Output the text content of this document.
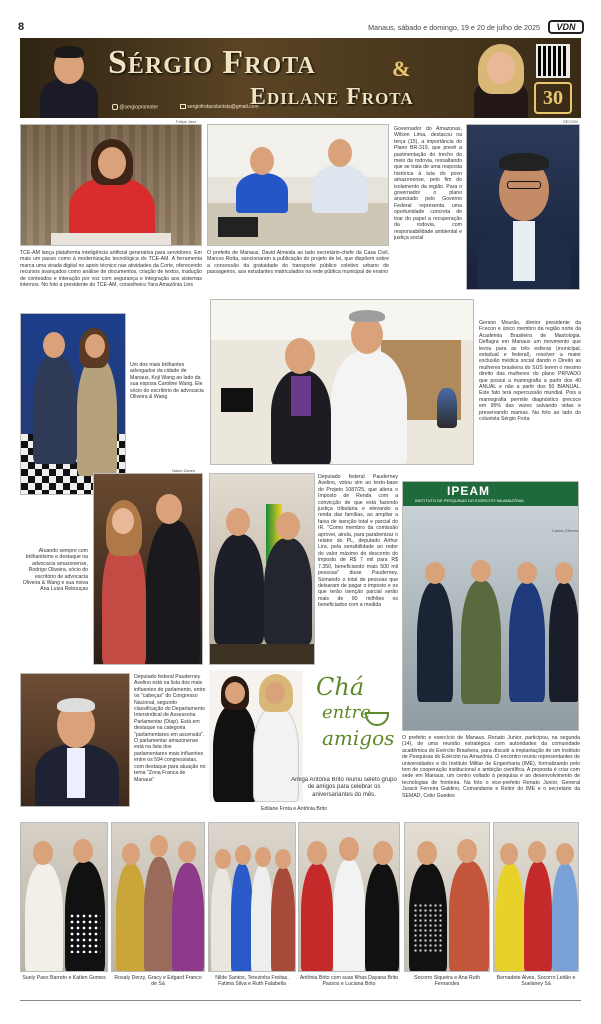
8	Manaus, sábado e domingo, 19 e 20 de julho de 2025	VDN
Sérgio Frota	&
Edilane Frota
@sergiopromoter	sergiofrotacolunista@gmail.com	30
Felipe Jazz	SECOM
TCE-AM lança plataforma inteligência artificial generativa para servidores. Em mais um passo como à modernização tecnológica do TCE-AM. A ferramenta marca uma virada digital no apoio técnico nas atividades da Corte, oferecendo recursos avançados como análise de documentos, criação de textos, tradução de conteúdos e interação por voz com segurança e integração aos sistemas internos. No foto a presidente do TCE-AM, conselheira Yara Amazônia Lins
O prefeito de Manaus, David Almeida ao lado secretário-chefe da Casa Civil, Marcos Rotta, sancionaram a publicação do projeto de lei, que dispõem sobre a concessão da gratuidade do transporte público coletivo urbano de passageiros, aos estudantes matriculados na rede pública municipal de ensino
Governador do Amazonas, Wilson Lima, destacou na terça (15), a importância do Plano BR-319, que prevê a pavimentação do trecho do meio da rodovia, ressaltando que se trata de uma resposta histórica à luta do povo amazonense, pelo fim do isolamento da região. Para o governador o plano anunciado pelo Governo Federal representa uma oportunidade concreta de tirar do papel a recuperação da rodovia, com responsabilidade ambiental e justiça social
Um dos mais brilhantes advogados da cidade de Manaus, Koji Wang ao lado da sua esposa Caroline Wang. Ele sócio do escritório de advocacia Oliveira & Wang
Gerson Mourão, diretor presidente da Fcecon e único membro da região norte da Academia Brasileira de Mastologia. Deflagra em Manaus um movimento que levou para as três esferas (municipal, estadual e federal), resolver a maior exclusão médica social dando o Direito as mulheres brasileira do SUS terem o mesmo direito das mulheres do plano PRIVADO que possui a mamografia a partir dos 40 ANUAL e não a partir dos 50 BIANUAL. Este fato terá repercussão mundial. Pois a mamografia permite diagnóstico precoce em 95% das vezes salvando vidas e preservando mamas. Na foto ao lado do colunista Sérgio Frota
Natan Zanes
Atuando sempre com brilhantismo e destaque na advocacia amazonense, Rodrigo Oliveira, sócio do escritório de advocacia Oliveira & Wang e sua noiva Ana Luiza Rebouças
Deputado federal Pauderney Avelino, votou sim ao texto-base do Projeto 1087/25, que altera o Imposto de Renda com a convicção de que está fazendo justiça tributária e elevando a renda das famílias, ao ampliar a faixa de isenção total e parcial do IR. "Como membro da comissão aprovei, ainda, para parabenizar o relator do PL, deputado Arthur Lira, pela sensibilidade ao redor do valor máximo do desconto do imposto de R$ 7 mil para R$ 7.350, beneficiando mais 500 mil pessoas" disse Pauderney. Somando o total de pessoas que deixaram de pagar o imposto e os que terão isenção parcial serão mais de 90 milhões os beneficiados com a medida
IPEAM
INSTITUTO DE PESQUISAS DO EXÉRCITO NA AMAZÔNIA
Carlos Oliveira
Deputado federal Pauderney Avelino está na lista dos mais influentes do parlamento, entre os "cabeças" do Congresso Nacional, segundo classificação do Departamento Intersindical de Assessoria Parlamentar (Diap). Está em destaque na categoria "parlamentares em ascensão". O parlamentar amazonense está na lista dos parlamentares mais influentes entre os 594 congressistas, com destaque para atuação no tema "Zona Franca de Manaus"
Chá
entre
amigos
Amiga Antônia Brito reuniu seleto grupo de amigos para celebrar os aniversariantes do mês.
Edilane Frota e Antônia Brito
O prefeito e exercício de Manaus, Renato Junior, participou, na segunda (14), de uma reunião estratégica com autoridades da comunidade acadêmica do Exército Brasileira, para discutir a implantação de um Instituto de Pesquisas do Exército na Amazônia. O encontro reuniu representantes de universidades e do Instituto Militar de Engenharia (IME), formalizando pelo tom de cooperação institucional e ambição científica. A proposta é criar com sede em Manaus, um centro voltado à pesquisa e ao desenvolvimento de tecnologias de fronteira. Na foto o vice-prefeito Renato Junior, General Juracir Ferreira Galdino, Comandante e Reitor do IME e o secretário da SEMAD, Celio Guedes
Suely Paes Barreto e Katlen Gomes	Rosaly Derzy, Gracy e Edgard Franco de Sá
Nilde Santos, Terezinha Freitas, Fatima Silva e Ruth Falabella
Antônia Brito com suas filhas Dayana Brito Passos e Luciana Brito
Socorro Siqueira e Ana Ruth Fernandes
Bernadete Alves, Socorro Leitão e Suelaney Sá
